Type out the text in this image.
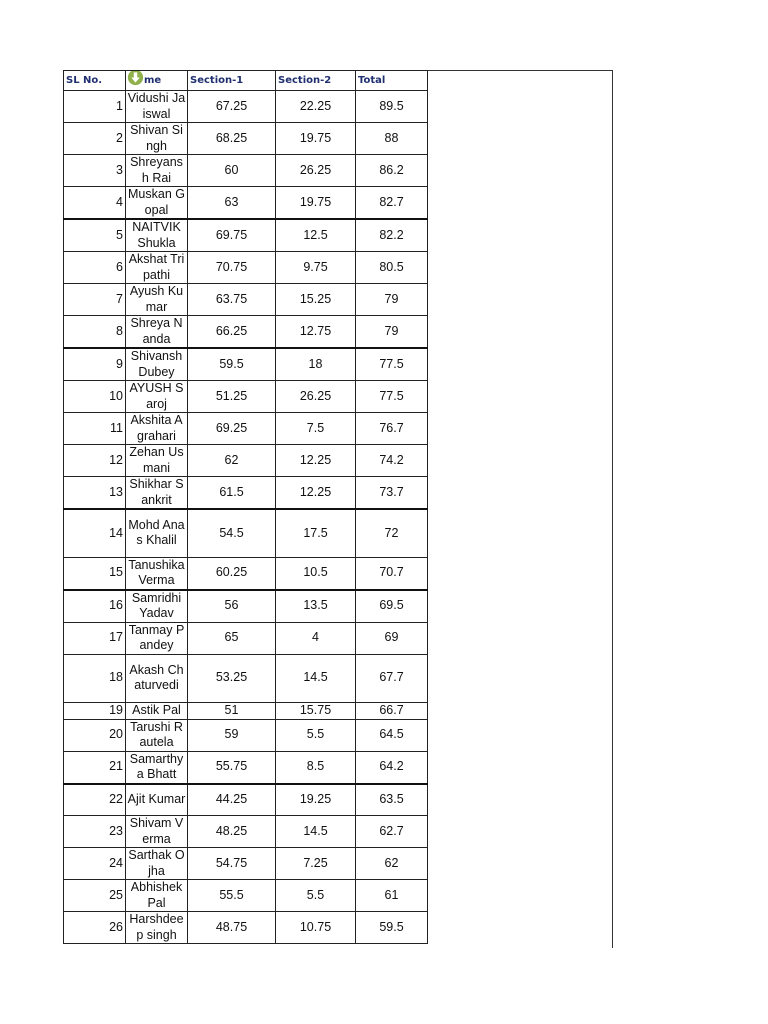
SL No.	me	Section-1	Section-2	Total
1	Vidushi Jaiswal	67.25	22.25	89.5
2	Shivan Singh	68.25	19.75	88
3	Shreyansh Rai	60	26.25	86.2
4	Muskan Gopal	63	19.75	82.7
5	NAITVIK Shukla	69.75	12.5	82.2
6	Akshat Tripathi	70.75	9.75	80.5
7	Ayush Kumar	63.75	15.25	79
8	Shreya Nanda	66.25	12.75	79
9	Shivansh Dubey	59.5	18	77.5
10	AYUSH Saroj	51.25	26.25	77.5
11	Akshita Agrahari	69.25	7.5	76.7
12	Zehan Usmani	62	12.25	74.2
13	Shikhar Sankrit	61.5	12.25	73.7
14	Mohd Anas Khalil	54.5	17.5	72
15	Tanushika Verma	60.25	10.5	70.7
16	Samridhi Yadav	56	13.5	69.5
17	Tanmay Pandey	65	4	69
18	Akash Chaturvedi	53.25	14.5	67.7
19	Astik Pal	51	15.75	66.7
20	Tarushi Rautela	59	5.5	64.5
21	Samarthya Bhatt	55.75	8.5	64.2
22	Ajit Kumar	44.25	19.25	63.5
23	Shivam Verma	48.25	14.5	62.7
24	Sarthak Ojha	54.75	7.25	62
25	Abhishek Pal	55.5	5.5	61
26	Harshdeep singh	48.75	10.75	59.5
